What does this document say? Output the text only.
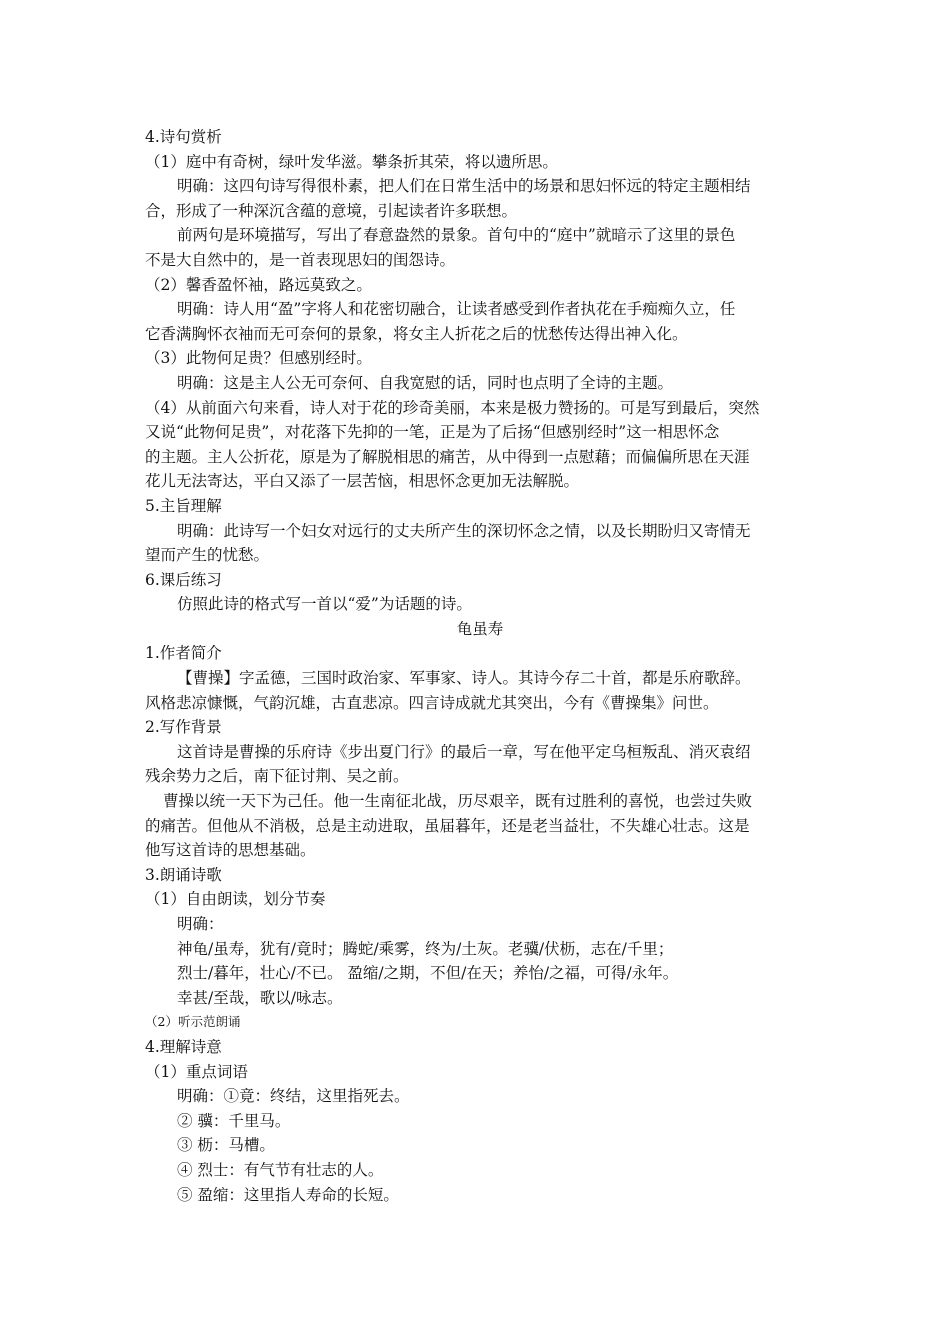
4.诗句赏析
（1）庭中有奇树，绿叶发华滋。攀条折其荣，将以遗所思。
明确：这四句诗写得很朴素，把人们在日常生活中的场景和思妇怀远的特定主题相结
合，形成了一种深沉含蕴的意境，引起读者许多联想。
前两句是环境描写，写出了春意盎然的景象。首句中的“庭中”就暗示了这里的景色
不是大自然中的，是一首表现思妇的闺怨诗。
（2）馨香盈怀袖，路远莫致之。
明确：诗人用“盈”字将人和花密切融合，让读者感受到作者执花在手痴痴久立，任
它香满胸怀衣袖而无可奈何的景象，将女主人折花之后的忧愁传达得出神入化。
（3）此物何足贵？但感别经时。
明确：这是主人公无可奈何、自我宽慰的话，同时也点明了全诗的主题。
（4）从前面六句来看，诗人对于花的珍奇美丽，本来是极力赞扬的。可是写到最后，突然
又说“此物何足贵”，对花落下先抑的一笔，正是为了后扬“但感别经时”这一相思怀念
的主题。主人公折花，原是为了解脱相思的痛苦，从中得到一点慰藉；而偏偏所思在天涯
花儿无法寄达，平白又添了一层苦恼，相思怀念更加无法解脱。
5.主旨理解
明确：此诗写一个妇女对远行的丈夫所产生的深切怀念之情，以及长期盼归又寄情无
望而产生的忧愁。
6.课后练习
仿照此诗的格式写一首以“爱”为话题的诗。
龟虽寿
1.作者简介
【曹操】字孟德，三国时政治家、军事家、诗人。其诗今存二十首，都是乐府歌辞。
风格悲凉慷慨，气韵沉雄，古直悲凉。四言诗成就尤其突出，今有《曹操集》问世。
2.写作背景
这首诗是曹操的乐府诗《步出夏门行》的最后一章，写在他平定乌桓叛乱、消灭袁绍
残余势力之后，南下征讨荆、吴之前。
曹操以统一天下为己任。他一生南征北战，历尽艰辛，既有过胜利的喜悦，也尝过失败
的痛苦。但他从不消极，总是主动进取，虽届暮年，还是老当益壮，不失雄心壮志。这是
他写这首诗的思想基础。
3.朗诵诗歌
（1）自由朗读，划分节奏
明确：
神龟/虽寿，犹有/竟时；腾蛇/乘雾，终为/土灰。老骥/伏枥，志在/千里；
烈士/暮年，壮心/不已。 盈缩/之期，不但/在天；养怡/之福，可得/永年。
幸甚/至哉，歌以/咏志。
（2）听示范朗诵
4.理解诗意
（1）重点词语
明确：①竟：终结，这里指死去。
② 骥：千里马。
③ 枥：马槽。
④ 烈士：有气节有壮志的人。
⑤ 盈缩：这里指人寿命的长短。
